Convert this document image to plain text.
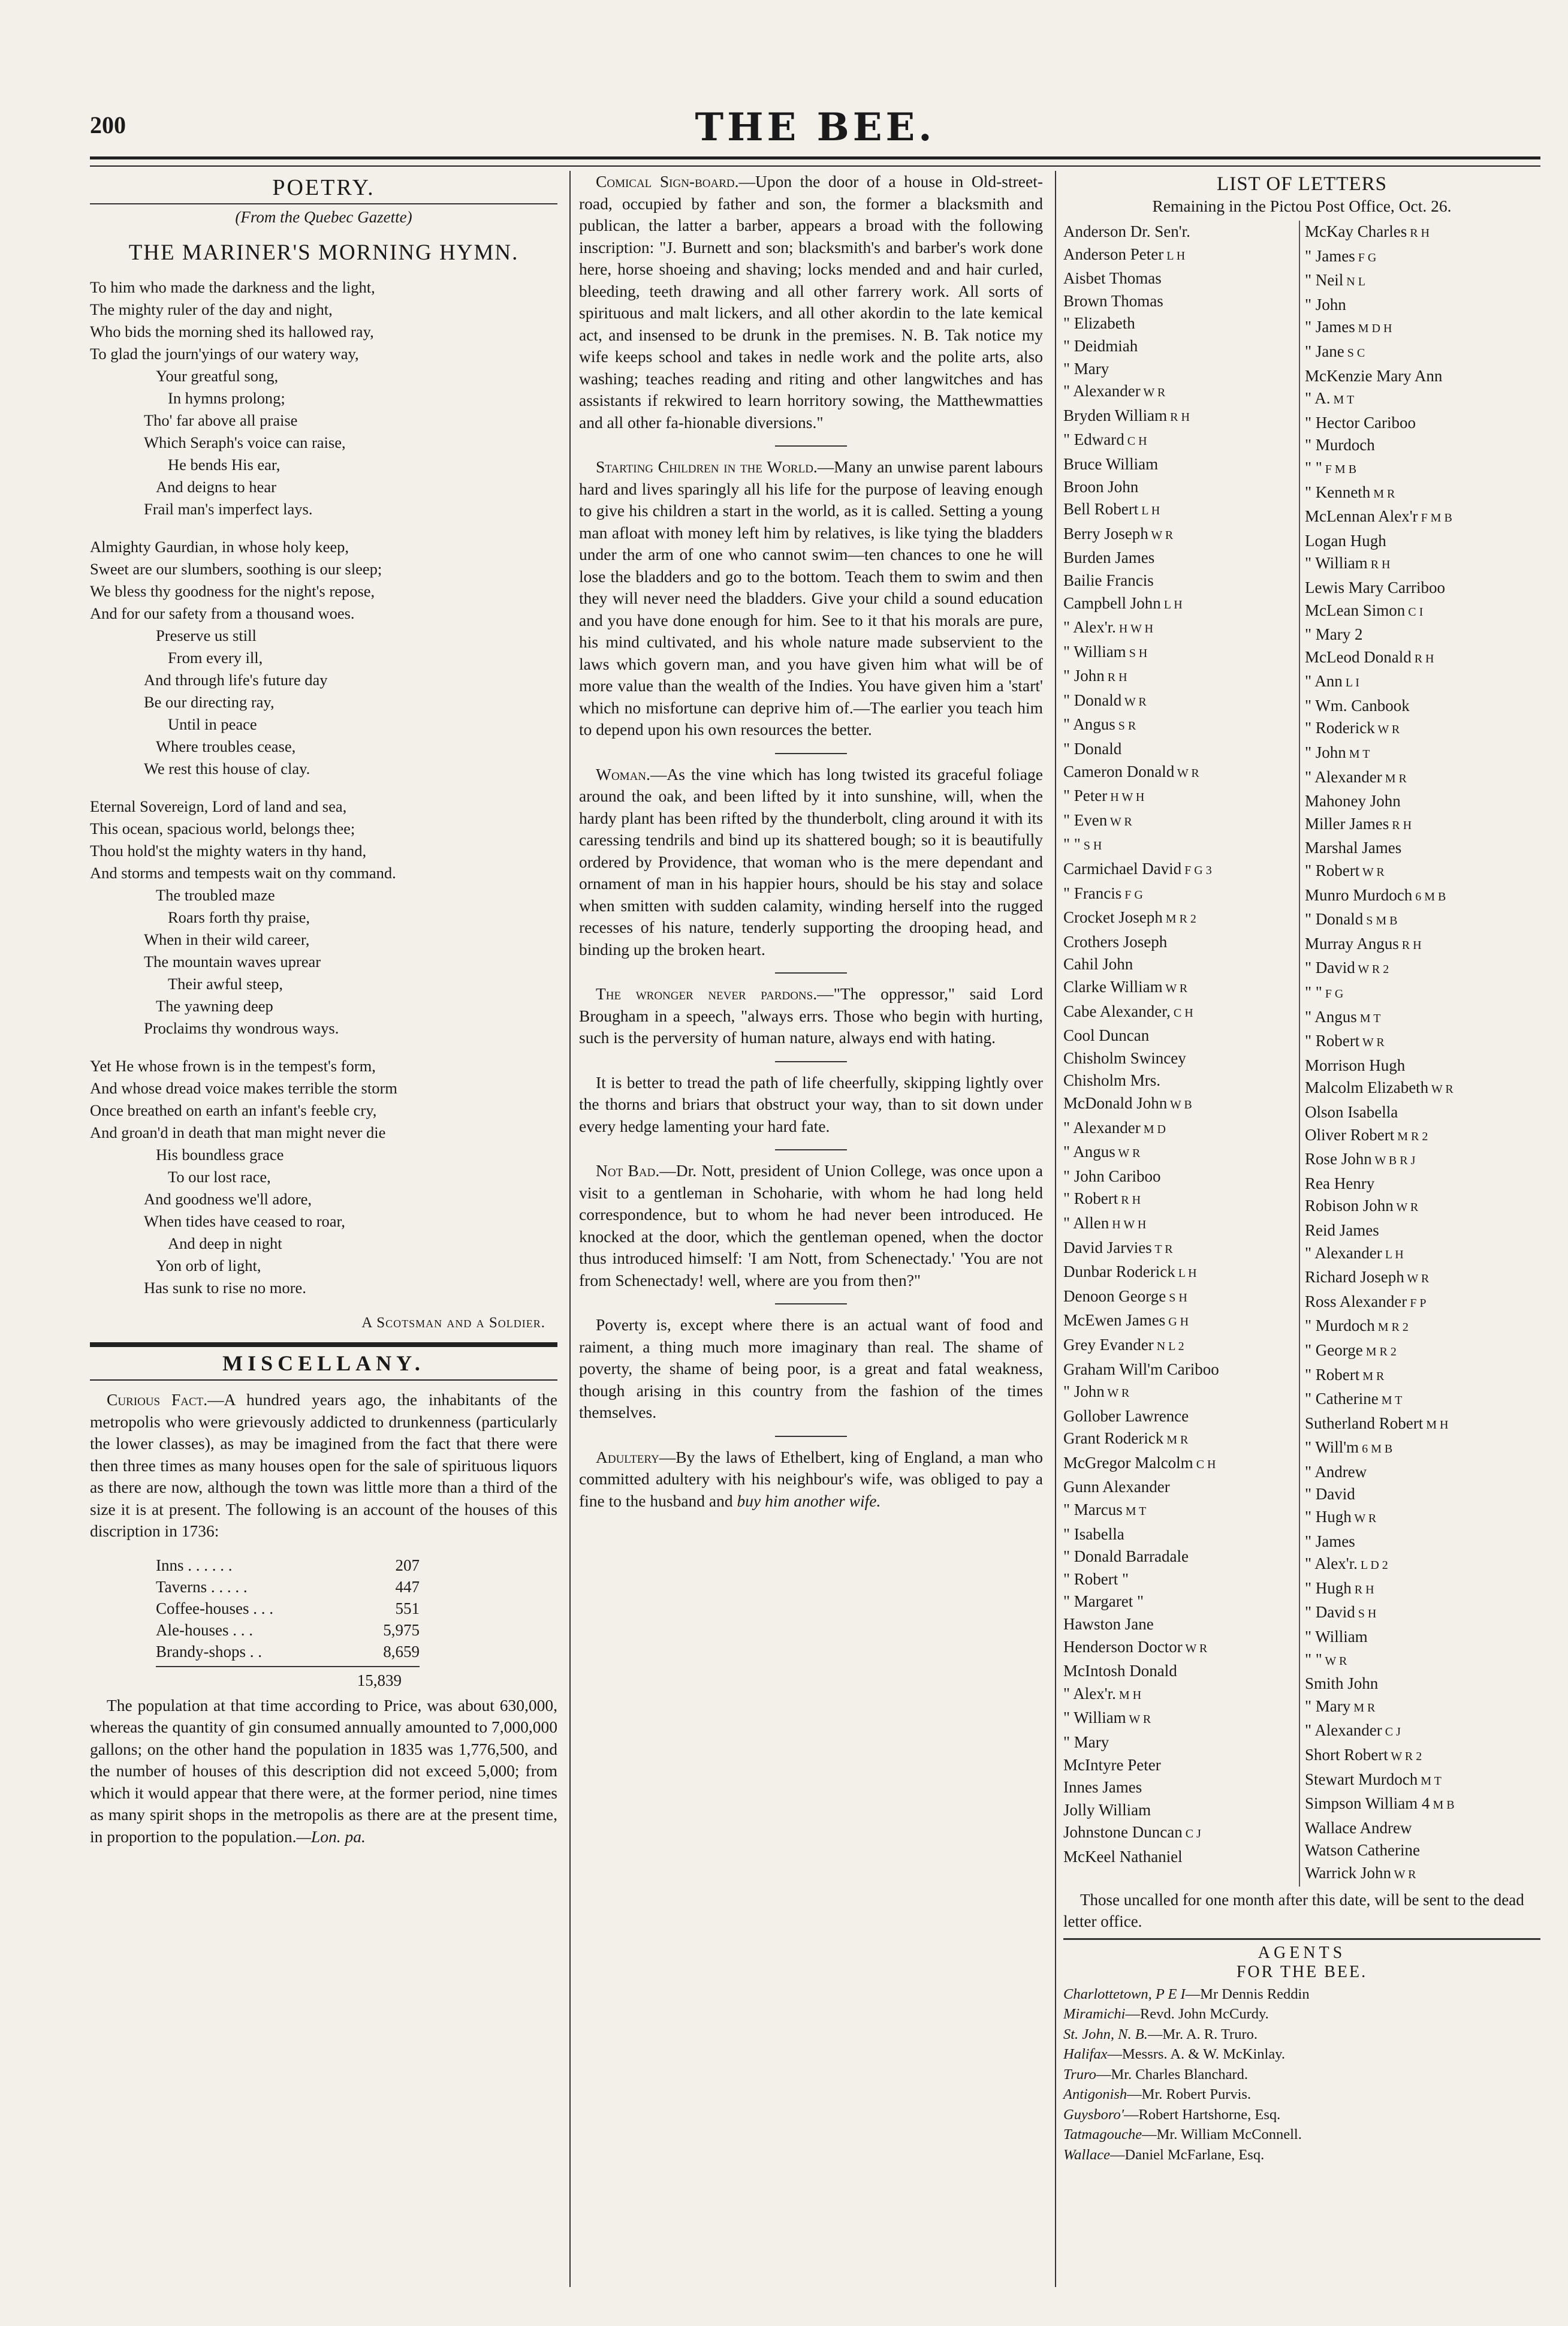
200	THE BEE.
POETRY.
(From the Quebec Gazette)
THE MARINER'S MORNING HYMN.
To him who made the darkness and the light,
The mighty ruler of the day and night,
Who bids the morning shed its hallowed ray,
To glad the journ'yings of our watery way,
Your greatful song,
In hymns prolong;
Tho' far above all praise
Which Seraph's voice can raise,
He bends His ear,
And deigns to hear
Frail man's imperfect lays.
Almighty Gaurdian, in whose holy keep,
Sweet are our slumbers, soothing is our sleep;
We bless thy goodness for the night's repose,
And for our safety from a thousand woes.
Preserve us still
From every ill,
And through life's future day
Be our directing ray,
Until in peace
Where troubles cease,
We rest this house of clay.
Eternal Sovereign, Lord of land and sea,
This ocean, spacious world, belongs thee;
Thou hold'st the mighty waters in thy hand,
And storms and tempests wait on thy command.
The troubled maze
Roars forth thy praise,
When in their wild career,
The mountain waves uprear
Their awful steep,
The yawning deep
Proclaims thy wondrous ways.
Yet He whose frown is in the tempest's form,
And whose dread voice makes terrible the storm
Once breathed on earth an infant's feeble cry,
And groan'd in death that man might never die
His boundless grace
To our lost race,
And goodness we'll adore,
When tides have ceased to roar,
And deep in night
Yon orb of light,
Has sunk to rise no more.
A Scotsman and a Soldier.
MISCELLANY.

Curious Fact.—A hundred years ago, the inhabitants of the metropolis who were grievously addicted to drunkenness (particularly the lower classes), as may be imagined from the fact that there were then three times as many houses open for the sale of spirituous liquors as there are now, although the town was little more than a third of the size it is at present. The following is an account of the houses of this discription in 1736:

Inns . . . . . .	207
Taverns . . . . .	447
Coffee-houses . . .	551
Ale-houses . . .	5,975
Brandy-shops . .	8,659
15,839

The population at that time according to Price, was about 630,000, whereas the quantity of gin consumed annually amounted to 7,000,000 gallons; on the other hand the population in 1835 was 1,776,500, and the number of houses of this description did not exceed 5,000; from which it would appear that there were, at the former period, nine times as many spirit shops in the metropolis as there are at the present time, in proportion to the population.—Lon. pa.

Comical Sign-board.—Upon the door of a house in Old-street-road, occupied by father and son, the former a blacksmith and publican, the latter a barber, appears a broad with the following inscription: "J. Burnett and son; blacksmith's and barber's work done here, horse shoeing and shaving; locks mended and and hair curled, bleeding, teeth drawing and all other farrery work. All sorts of spirituous and malt lickers, and all other akordin to the late kemical act, and insensed to be drunk in the premises. N. B. Tak notice my wife keeps school and takes in nedle work and the polite arts, also washing; teaches reading and riting and other langwitches and has assistants if rekwired to learn horritory sowing, the Matthewmatties and all other fa-hionable diversions."

Starting Children in the World.—Many an unwise parent labours hard and lives sparingly all his life for the purpose of leaving enough to give his children a start in the world, as it is called. Setting a young man afloat with money left him by relatives, is like tying the bladders under the arm of one who cannot swim—ten chances to one he will lose the bladders and go to the bottom. Teach them to swim and then they will never need the bladders. Give your child a sound education and you have done enough for him. See to it that his morals are pure, his mind cultivated, and his whole nature made subservient to the laws which govern man, and you have given him what will be of more value than the wealth of the Indies. You have given him a 'start' which no misfortune can deprive him of.—The earlier you teach him to depend upon his own resources the better.

Woman.—As the vine which has long twisted its graceful foliage around the oak, and been lifted by it into sunshine, will, when the hardy plant has been rifted by the thunderbolt, cling around it with its caressing tendrils and bind up its shattered bough; so it is beautifully ordered by Providence, that woman who is the mere dependant and ornament of man in his happier hours, should be his stay and solace when smitten with sudden calamity, winding herself into the rugged recesses of his nature, tenderly supporting the drooping head, and binding up the broken heart.

The wronger never pardons.—"The oppressor," said Lord Brougham in a speech, "always errs. Those who begin with hurting, such is the perversity of human nature, always end with hating.

It is better to tread the path of life cheerfully, skipping lightly over the thorns and briars that obstruct your way, than to sit down under every hedge lamenting your hard fate.

Not Bad.—Dr. Nott, president of Union College, was once upon a visit to a gentleman in Schoharie, with whom he had long held correspondence, but to whom he had never been introduced. He knocked at the door, which the gentleman opened, when the doctor thus introduced himself: 'I am Nott, from Schenectady.' 'You are not from Schenectady! well, where are you from then?"

Poverty is, except where there is an actual want of food and raiment, a thing much more imaginary than real. The shame of poverty, the shame of being poor, is a great and fatal weakness, though arising in this country from the fashion of the times themselves.

Adultery—By the laws of Ethelbert, king of England, a man who committed adultery with his neighbour's wife, was obliged to pay a fine to the husband and buy him another wife.

LIST OF LETTERS
Remaining in the Pictou Post Office, Oct. 26.
Anderson Dr. Sen'r.
Anderson Peter L H
Aisbet Thomas
Brown Thomas
" Elizabeth
" Deidmiah
" Mary
" Alexander W R
Bryden William R H
" Edward C H
Bruce William
Broon John
Bell Robert L H
Berry Joseph W R
Burden James
Bailie Francis
Campbell John L H
" Alex'r. H W H
" William S H
" John R H
" Donald W R
" Angus S R
" Donald
Cameron Donald W R
" Peter H W H
" Even W R
" " S H
Carmichael David F G 3
" Francis F G
Crocket Joseph M R 2
Crothers Joseph
Cahil John
Clarke William W R
Cabe Alexander, C H
Cool Duncan
Chisholm Swincey
Chisholm Mrs.
McDonald John W B
" Alexander M D
" Angus W R
" John Cariboo
" Robert R H
" Allen H W H
David Jarvies T R
Dunbar Roderick L H
Denoon George S H
McEwen James G H
Grey Evander N L 2
Graham Will'm Cariboo
" John W R
Gollober Lawrence
Grant Roderick M R
McGregor Malcolm C H
Gunn Alexander
" Marcus M T
" Isabella
" Donald Barradale
" Robert "
" Margaret "
Hawston Jane
Henderson Doctor W R
McIntosh Donald
" Alex'r. M H
" William W R
" Mary
McIntyre Peter
Innes James
Jolly William
Johnstone Duncan C J
McKeel Nathaniel
McKay Charles R H
" James F G
" Neil N L
" John
" James M D H
" Jane S C
McKenzie Mary Ann
" A. M T
" Hector Cariboo
" Murdoch
" " F M B
" Kenneth M R
McLennan Alex'r F M B
Logan Hugh
" William R H
Lewis Mary Carriboo
McLean Simon C I
" Mary 2
McLeod Donald R H
" Ann L I
" Wm. Canbook
" Roderick W R
" John M T
" Alexander M R
Mahoney John
Miller James R H
Marshal James
" Robert W R
Munro Murdoch 6 M B
" Donald S M B
Murray Angus R H
" David W R 2
" " F G
" Angus M T
" Robert W R
Morrison Hugh
Malcolm Elizabeth W R
Olson Isabella
Oliver Robert M R 2
Rose John W B R J
Rea Henry
Robison John W R
Reid James
" Alexander L H
Richard Joseph W R
Ross Alexander F P
" Murdoch M R 2
" George M R 2
" Robert M R
" Catherine M T
Sutherland Robert M H
" Will'm 6 M B
" Andrew
" David
" Hugh W R
" James
" Alex'r. L D 2
" Hugh R H
" David S H
" William
" " W R
Smith John
" Mary M R
" Alexander C J
Short Robert W R 2
Stewart Murdoch M T
Simpson William 4 M B
Wallace Andrew
Watson Catherine
Warrick John W R
Those uncalled for one month after this date, will be sent to the dead letter office.
AGENTS
FOR THE BEE.
Charlottetown, P E I—Mr Dennis Reddin
Miramichi—Revd. John McCurdy.
St. John, N. B.—Mr. A. R. Truro.
Halifax—Messrs. A. & W. McKinlay.
Truro—Mr. Charles Blanchard.
Antigonish—Mr. Robert Purvis.
Guysboro'—Robert Hartshorne, Esq.
Tatmagouche—Mr. William McConnell.
Wallace—Daniel McFarlane, Esq.
